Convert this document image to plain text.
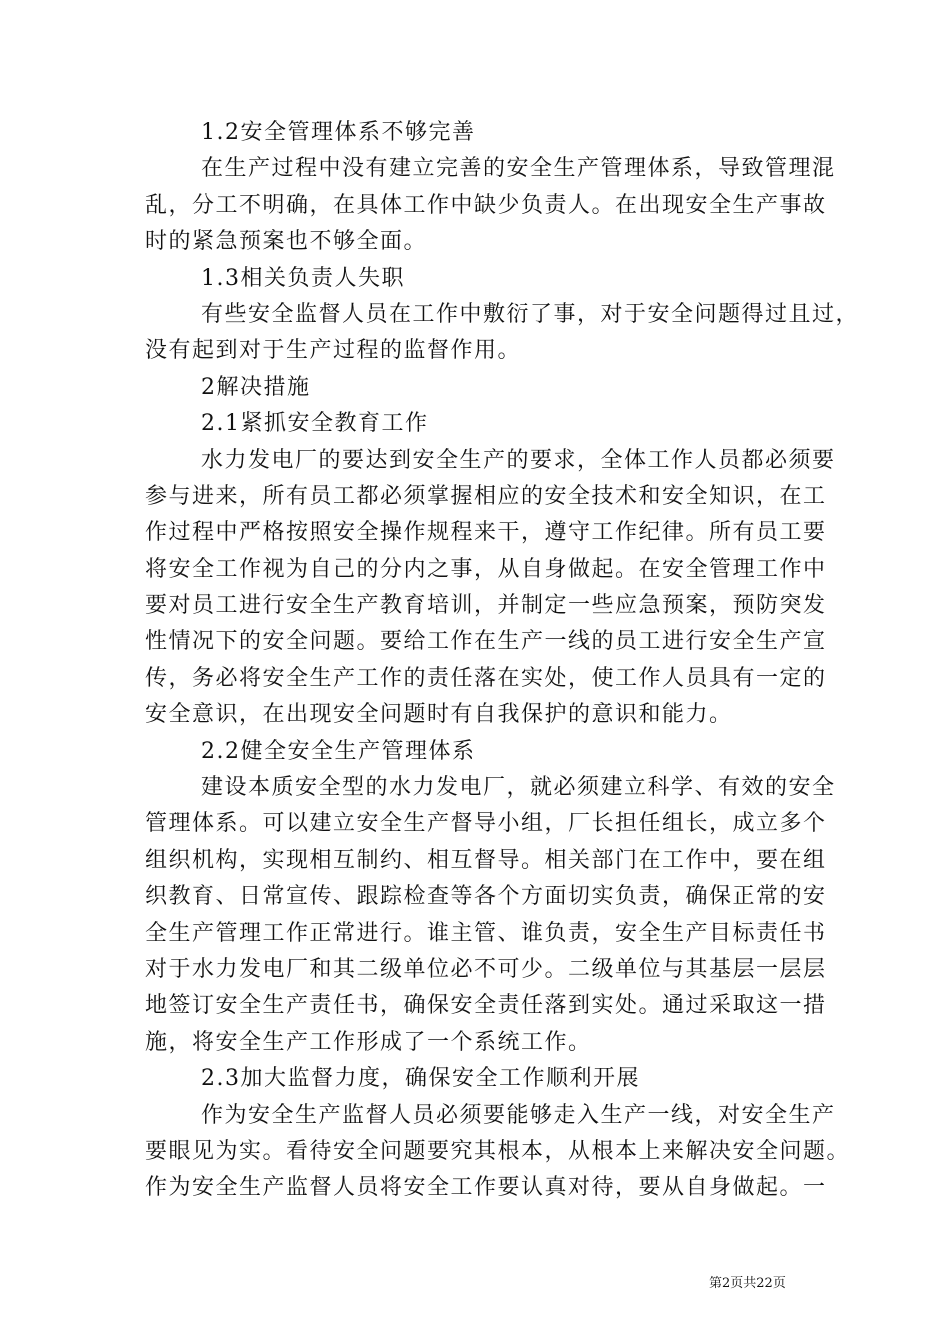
1.2安全管理体系不够完善
在生产过程中没有建立完善的安全生产管理体系，导致管理混
乱，分工不明确，在具体工作中缺少负责人。在出现安全生产事故
时的紧急预案也不够全面。
1.3相关负责人失职
有些安全监督人员在工作中敷衍了事，对于安全问题得过且过，
没有起到对于生产过程的监督作用。
2解决措施
2.1紧抓安全教育工作
水力发电厂的要达到安全生产的要求，全体工作人员都必须要
参与进来，所有员工都必须掌握相应的安全技术和安全知识，在工
作过程中严格按照安全操作规程来干，遵守工作纪律。所有员工要
将安全工作视为自己的分内之事，从自身做起。在安全管理工作中
要对员工进行安全生产教育培训，并制定一些应急预案，预防突发
性情况下的安全问题。要给工作在生产一线的员工进行安全生产宣
传，务必将安全生产工作的责任落在实处，使工作人员具有一定的
安全意识，在出现安全问题时有自我保护的意识和能力。
2.2健全安全生产管理体系
建设本质安全型的水力发电厂，就必须建立科学、有效的安全
管理体系。可以建立安全生产督导小组，厂长担任组长，成立多个
组织机构，实现相互制约、相互督导。相关部门在工作中，要在组
织教育、日常宣传、跟踪检查等各个方面切实负责，确保正常的安
全生产管理工作正常进行。谁主管、谁负责，安全生产目标责任书
对于水力发电厂和其二级单位必不可少。二级单位与其基层一层层
地签订安全生产责任书，确保安全责任落到实处。通过采取这一措
施，将安全生产工作形成了一个系统工作。
2.3加大监督力度，确保安全工作顺利开展
作为安全生产监督人员必须要能够走入生产一线，对安全生产
要眼见为实。看待安全问题要究其根本，从根本上来解决安全问题。
作为安全生产监督人员将安全工作要认真对待，要从自身做起。一
第2页共22页
